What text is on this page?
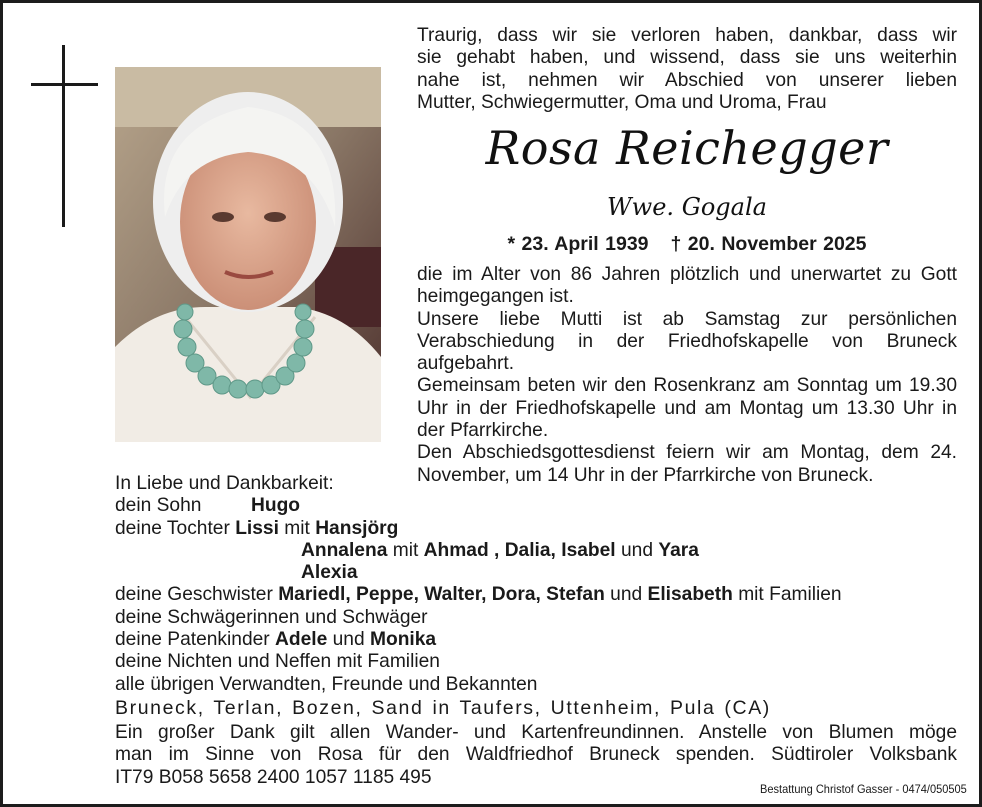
Traurig, dass wir sie verloren haben, dankbar, dass wir
sie gehabt haben, und wissend, dass sie uns weiterhin
nahe ist, nehmen wir Abschied von unserer lieben
Mutter, Schwiegermutter, Oma und Uroma, Frau
Rosa Reichegger
Wwe. Gogala
* 23. April 1939 † 20. November 2025

die im Alter von 86 Jahren plötzlich und unerwartet zu Gott heimgegangen ist.

Unsere liebe Mutti ist ab Samstag zur persönlichen Verabschiedung in der Friedhofskapelle von Bruneck aufgebahrt.

Gemeinsam beten wir den Rosenkranz am Sonntag um 19.30 Uhr in der Friedhofskapelle und am Montag um 13.30 Uhr in der Pfarrkirche.

Den Abschiedsgottesdienst feiern wir am Montag, dem 24. November, um 14 Uhr in der Pfarrkirche von Bruneck.

In Liebe und Dankbarkeit:
dein Sohn	Hugo
deine Tochter Lissi mit Hansjörg
Annalena mit Ahmad , Dalia, Isabel und Yara
Alexia
deine Geschwister Mariedl, Peppe, Walter, Dora, Stefan und Elisabeth mit Familien
deine Schwägerinnen und Schwäger
deine Patenkinder Adele und Monika
deine Nichten und Neffen mit Familien
alle übrigen Verwandten, Freunde und Bekannten
Bruneck, Terlan, Bozen, Sand in Taufers, Uttenheim, Pula (CA)
Ein großer Dank gilt allen Wander- und Kartenfreundinnen. Anstelle von Blumen möge
man im Sinne von Rosa für den Waldfriedhof Bruneck spenden. Südtiroler Volksbank
IT79 B058 5658 2400 1057 1185 495
Bestattung Christof Gasser - 0474/050505
